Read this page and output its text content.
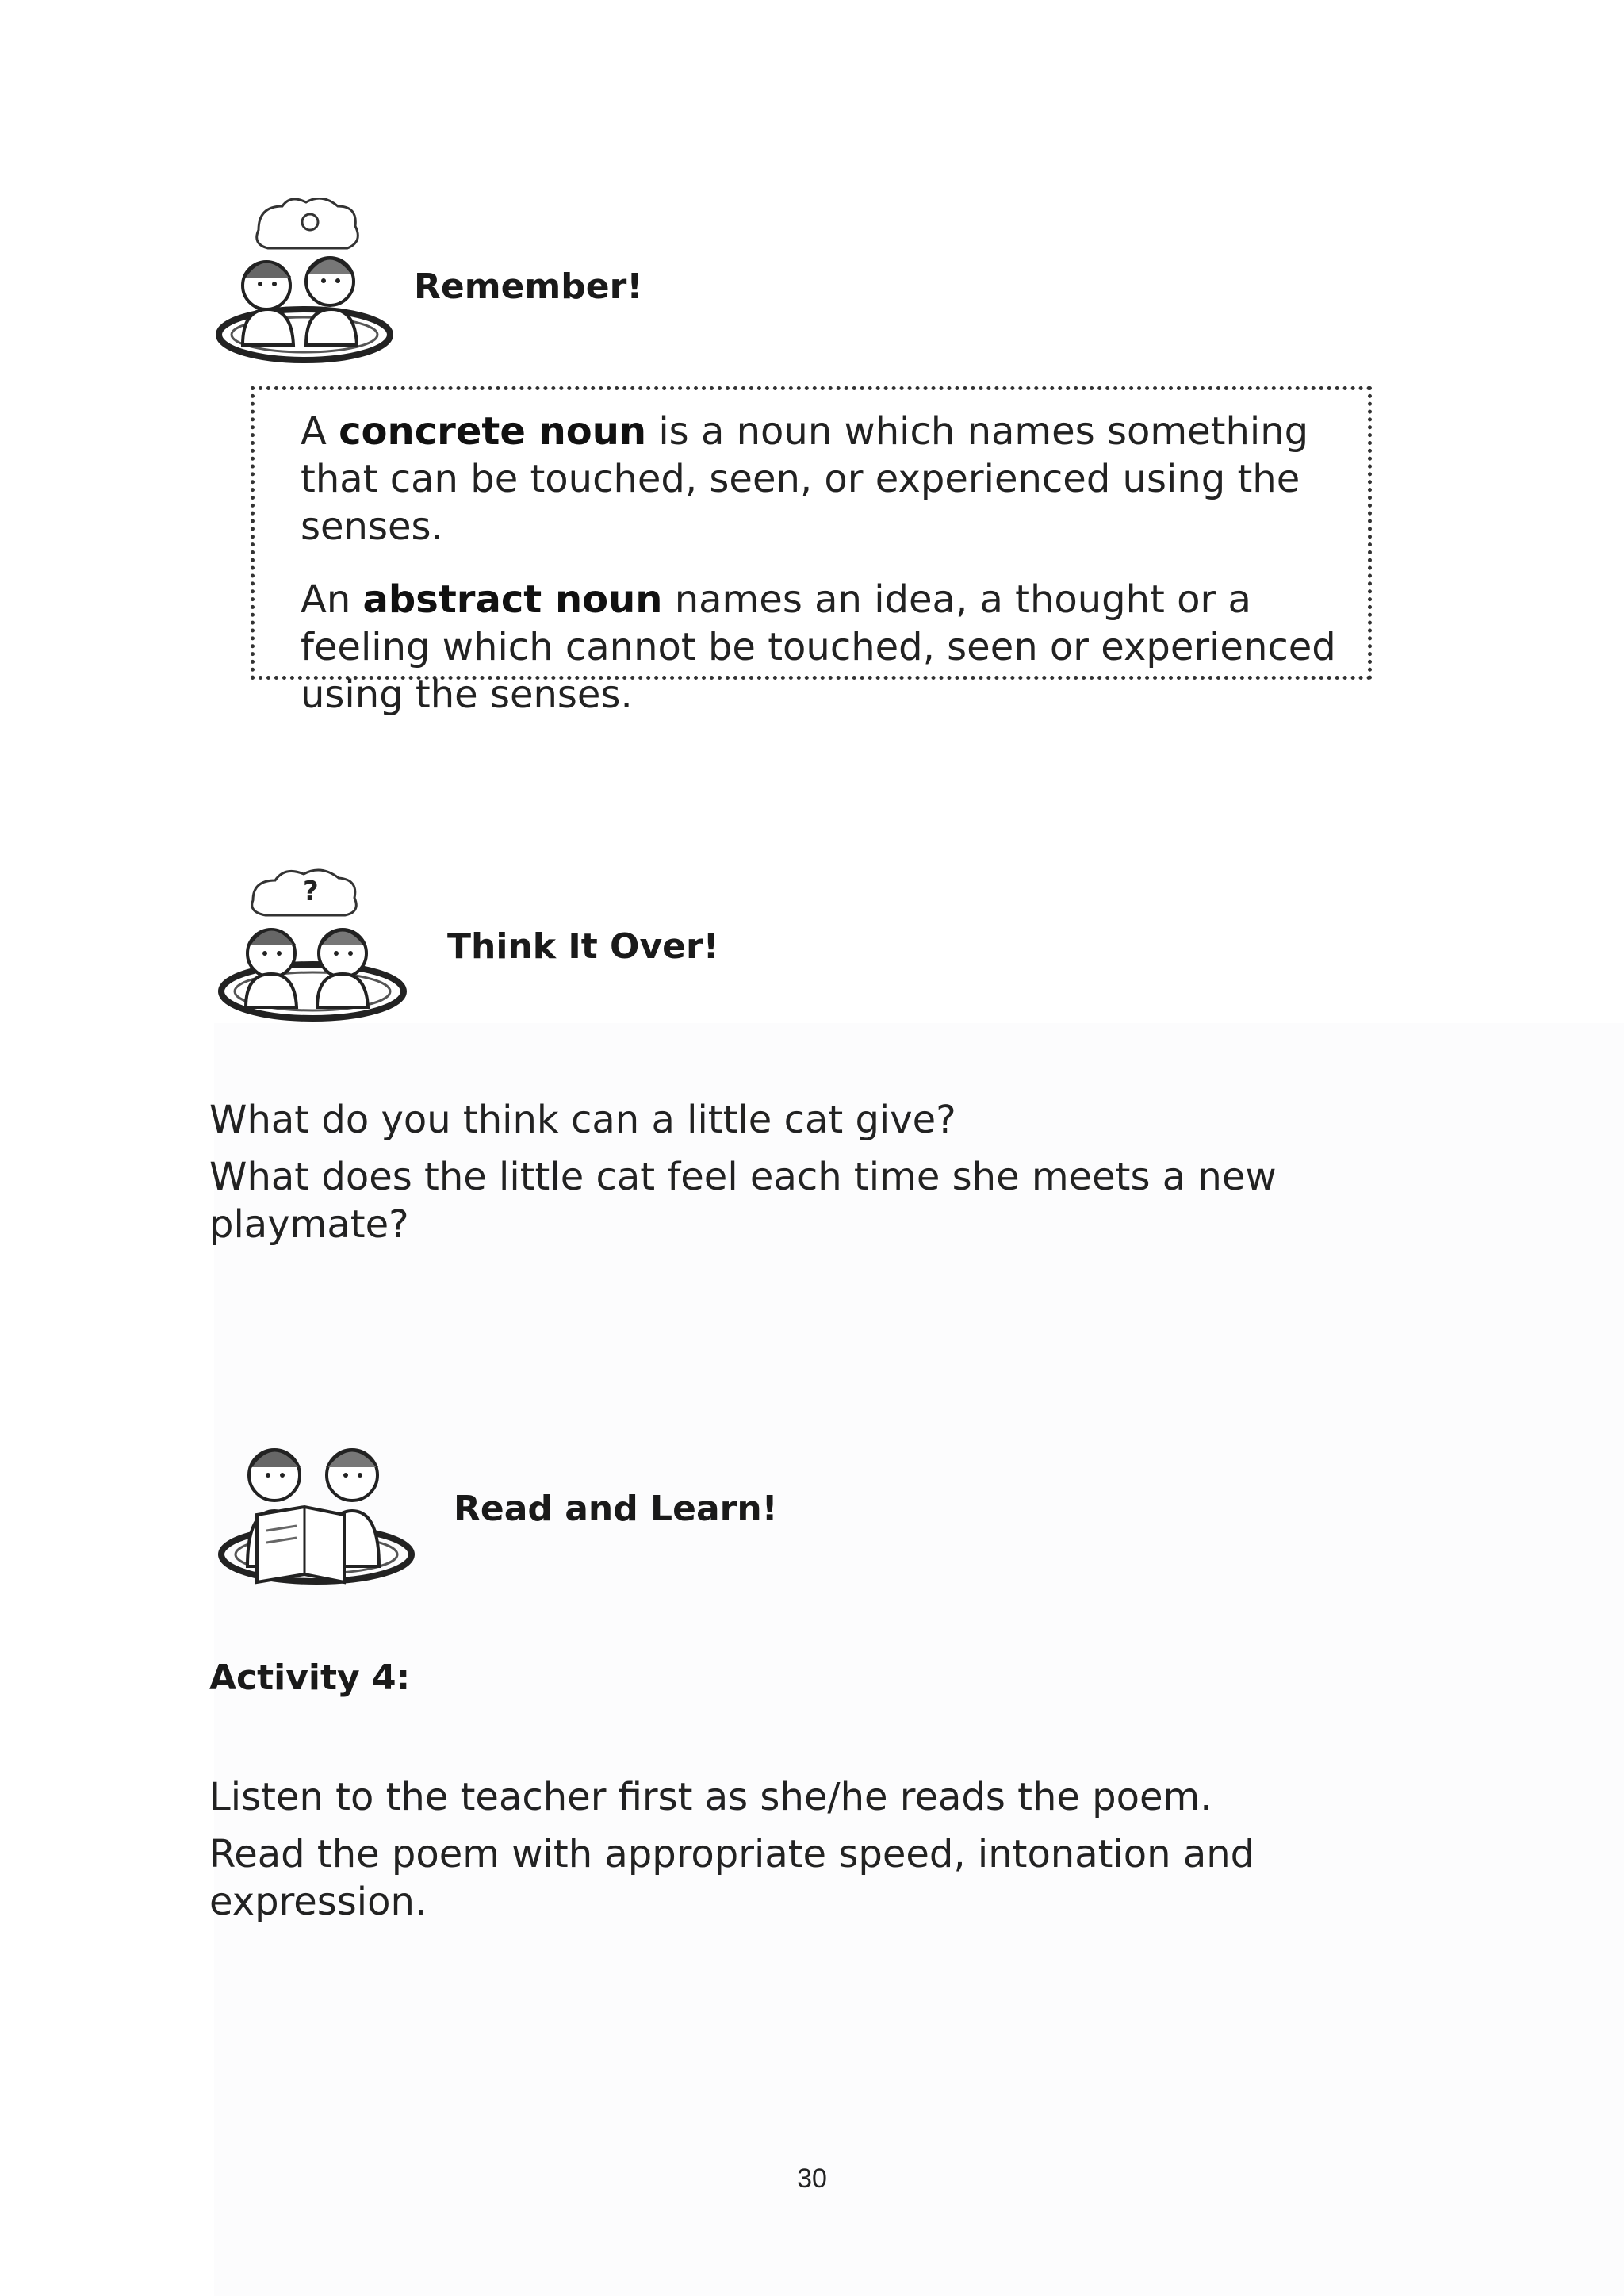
Remember!

A concrete noun is a noun which names something that can be touched, seen, or experienced using the senses.

An abstract noun names an idea, a thought or a feeling which cannot be touched, seen or experienced using the senses.

?
Think It Over!

What do you think can a little cat give?

What does the little cat feel each time she meets a new playmate?

Read and Learn!
Activity 4:

Listen to the teacher first as she/he reads the poem.

Read the poem with appropriate speed, intonation and expression.

30
